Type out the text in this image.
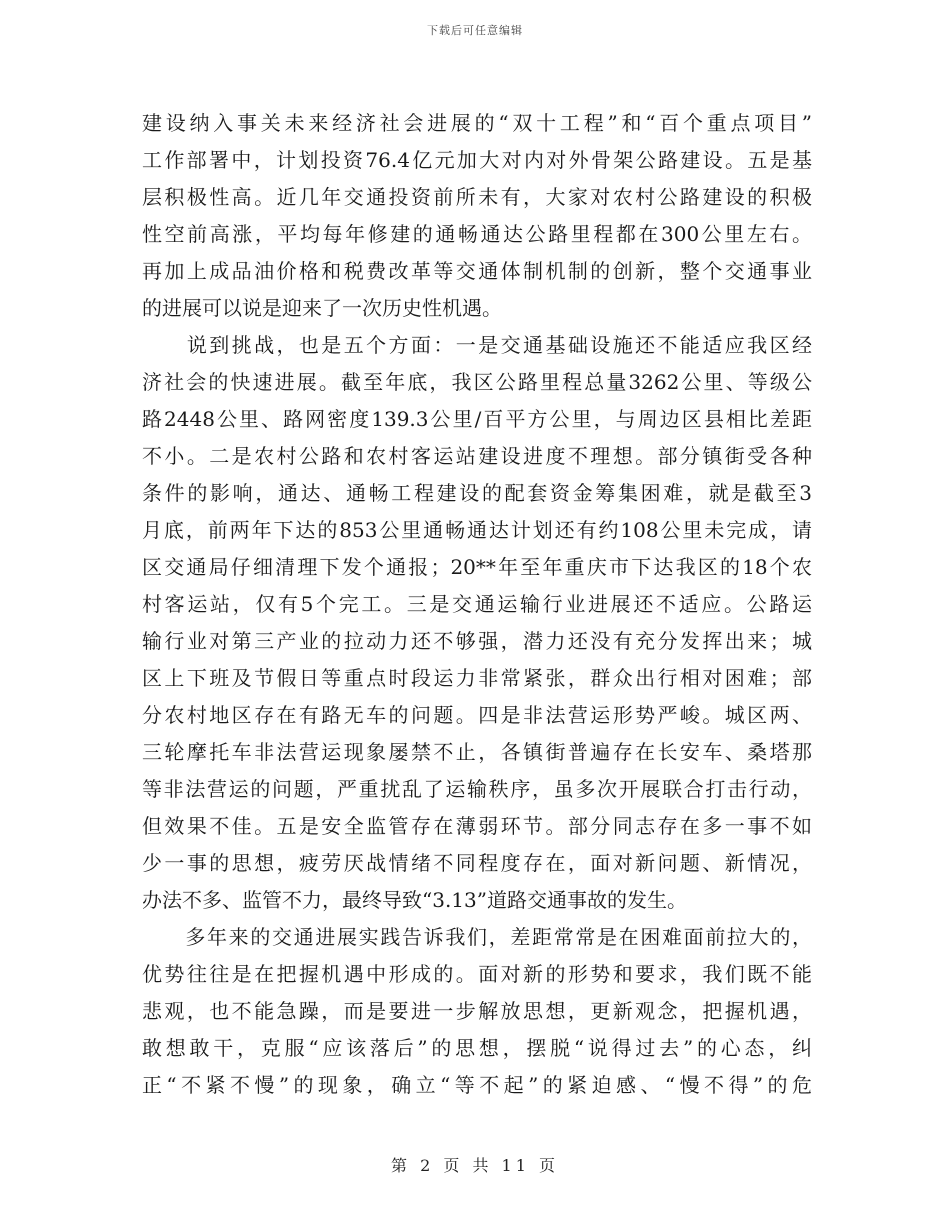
下载后可任意编辑
建设纳入事关未来经济社会进展的“双十工程”和“百个重点项目”
工作部署中，计划投资76.4亿元加大对内对外骨架公路建设。五是基
层积极性高。近几年交通投资前所未有，大家对农村公路建设的积极
性空前高涨，平均每年修建的通畅通达公路里程都在300公里左右。
再加上成品油价格和税费改革等交通体制机制的创新，整个交通事业
的进展可以说是迎来了一次历史性机遇。
　　说到挑战，也是五个方面：一是交通基础设施还不能适应我区经
济社会的快速进展。截至年底，我区公路里程总量3262公里、等级公
路2448公里、路网密度139.3公里/百平方公里，与周边区县相比差距
不小。二是农村公路和农村客运站建设进度不理想。部分镇街受各种
条件的影响，通达、通畅工程建设的配套资金筹集困难，就是截至3
月底，前两年下达的853公里通畅通达计划还有约108公里未完成，请
区交通局仔细清理下发个通报；20**年至年重庆市下达我区的18个农
村客运站，仅有5个完工。三是交通运输行业进展还不适应。公路运
输行业对第三产业的拉动力还不够强，潜力还没有充分发挥出来；城
区上下班及节假日等重点时段运力非常紧张，群众出行相对困难；部
分农村地区存在有路无车的问题。四是非法营运形势严峻。城区两、
三轮摩托车非法营运现象屡禁不止，各镇街普遍存在长安车、桑塔那
等非法营运的问题，严重扰乱了运输秩序，虽多次开展联合打击行动，
但效果不佳。五是安全监管存在薄弱环节。部分同志存在多一事不如
少一事的思想，疲劳厌战情绪不同程度存在，面对新问题、新情况，
办法不多、监管不力，最终导致“3.13”道路交通事故的发生。
　　多年来的交通进展实践告诉我们，差距常常是在困难面前拉大的，
优势往往是在把握机遇中形成的。面对新的形势和要求，我们既不能
悲观，也不能急躁，而是要进一步解放思想，更新观念，把握机遇，
敢想敢干，克服“应该落后”的思想，摆脱“说得过去”的心态，纠
正“不紧不慢”的现象，确立“等不起”的紧迫感、“慢不得”的危
第 2 页 共 11 页
